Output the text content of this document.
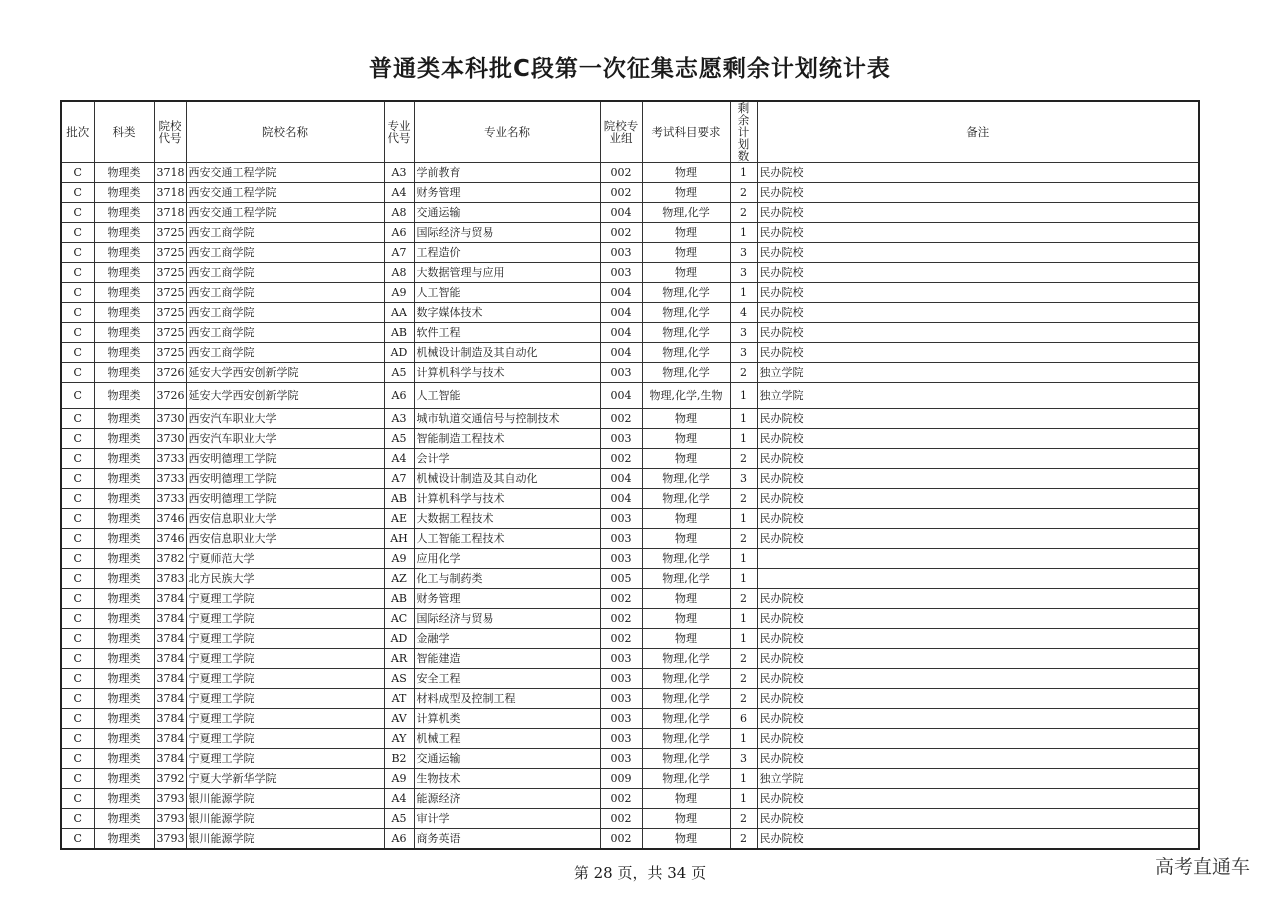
普通类本科批C段第一次征集志愿剩余计划统计表
批次	科类	院校代号	院校名称	专业代号	专业名称	院校专业组	考试科目要求	剩余计划数	备注
C	物理类	3718	西安交通工程学院	A3	学前教育	002	物理	1	民办院校
C	物理类	3718	西安交通工程学院	A4	财务管理	002	物理	2	民办院校
C	物理类	3718	西安交通工程学院	A8	交通运输	004	物理,化学	2	民办院校
C	物理类	3725	西安工商学院	A6	国际经济与贸易	002	物理	1	民办院校
C	物理类	3725	西安工商学院	A7	工程造价	003	物理	3	民办院校
C	物理类	3725	西安工商学院	A8	大数据管理与应用	003	物理	3	民办院校
C	物理类	3725	西安工商学院	A9	人工智能	004	物理,化学	1	民办院校
C	物理类	3725	西安工商学院	AA	数字媒体技术	004	物理,化学	4	民办院校
C	物理类	3725	西安工商学院	AB	软件工程	004	物理,化学	3	民办院校
C	物理类	3725	西安工商学院	AD	机械设计制造及其自动化	004	物理,化学	3	民办院校
C	物理类	3726	延安大学西安创新学院	A5	计算机科学与技术	003	物理,化学	2	独立学院
C	物理类	3726	延安大学西安创新学院	A6	人工智能	004	物理,化学,生物	1	独立学院
C	物理类	3730	西安汽车职业大学	A3	城市轨道交通信号与控制技术	002	物理	1	民办院校
C	物理类	3730	西安汽车职业大学	A5	智能制造工程技术	003	物理	1	民办院校
C	物理类	3733	西安明德理工学院	A4	会计学	002	物理	2	民办院校
C	物理类	3733	西安明德理工学院	A7	机械设计制造及其自动化	004	物理,化学	3	民办院校
C	物理类	3733	西安明德理工学院	AB	计算机科学与技术	004	物理,化学	2	民办院校
C	物理类	3746	西安信息职业大学	AE	大数据工程技术	003	物理	1	民办院校
C	物理类	3746	西安信息职业大学	AH	人工智能工程技术	003	物理	2	民办院校
C	物理类	3782	宁夏师范大学	A9	应用化学	003	物理,化学	1	
C	物理类	3783	北方民族大学	AZ	化工与制药类	005	物理,化学	1	
C	物理类	3784	宁夏理工学院	AB	财务管理	002	物理	2	民办院校
C	物理类	3784	宁夏理工学院	AC	国际经济与贸易	002	物理	1	民办院校
C	物理类	3784	宁夏理工学院	AD	金融学	002	物理	1	民办院校
C	物理类	3784	宁夏理工学院	AR	智能建造	003	物理,化学	2	民办院校
C	物理类	3784	宁夏理工学院	AS	安全工程	003	物理,化学	2	民办院校
C	物理类	3784	宁夏理工学院	AT	材料成型及控制工程	003	物理,化学	2	民办院校
C	物理类	3784	宁夏理工学院	AV	计算机类	003	物理,化学	6	民办院校
C	物理类	3784	宁夏理工学院	AY	机械工程	003	物理,化学	1	民办院校
C	物理类	3784	宁夏理工学院	B2	交通运输	003	物理,化学	3	民办院校
C	物理类	3792	宁夏大学新华学院	A9	生物技术	009	物理,化学	1	独立学院
C	物理类	3793	银川能源学院	A4	能源经济	002	物理	1	民办院校
C	物理类	3793	银川能源学院	A5	审计学	002	物理	2	民办院校
C	物理类	3793	银川能源学院	A6	商务英语	002	物理	2	民办院校
第 28 页，共 34 页	高考直通车
